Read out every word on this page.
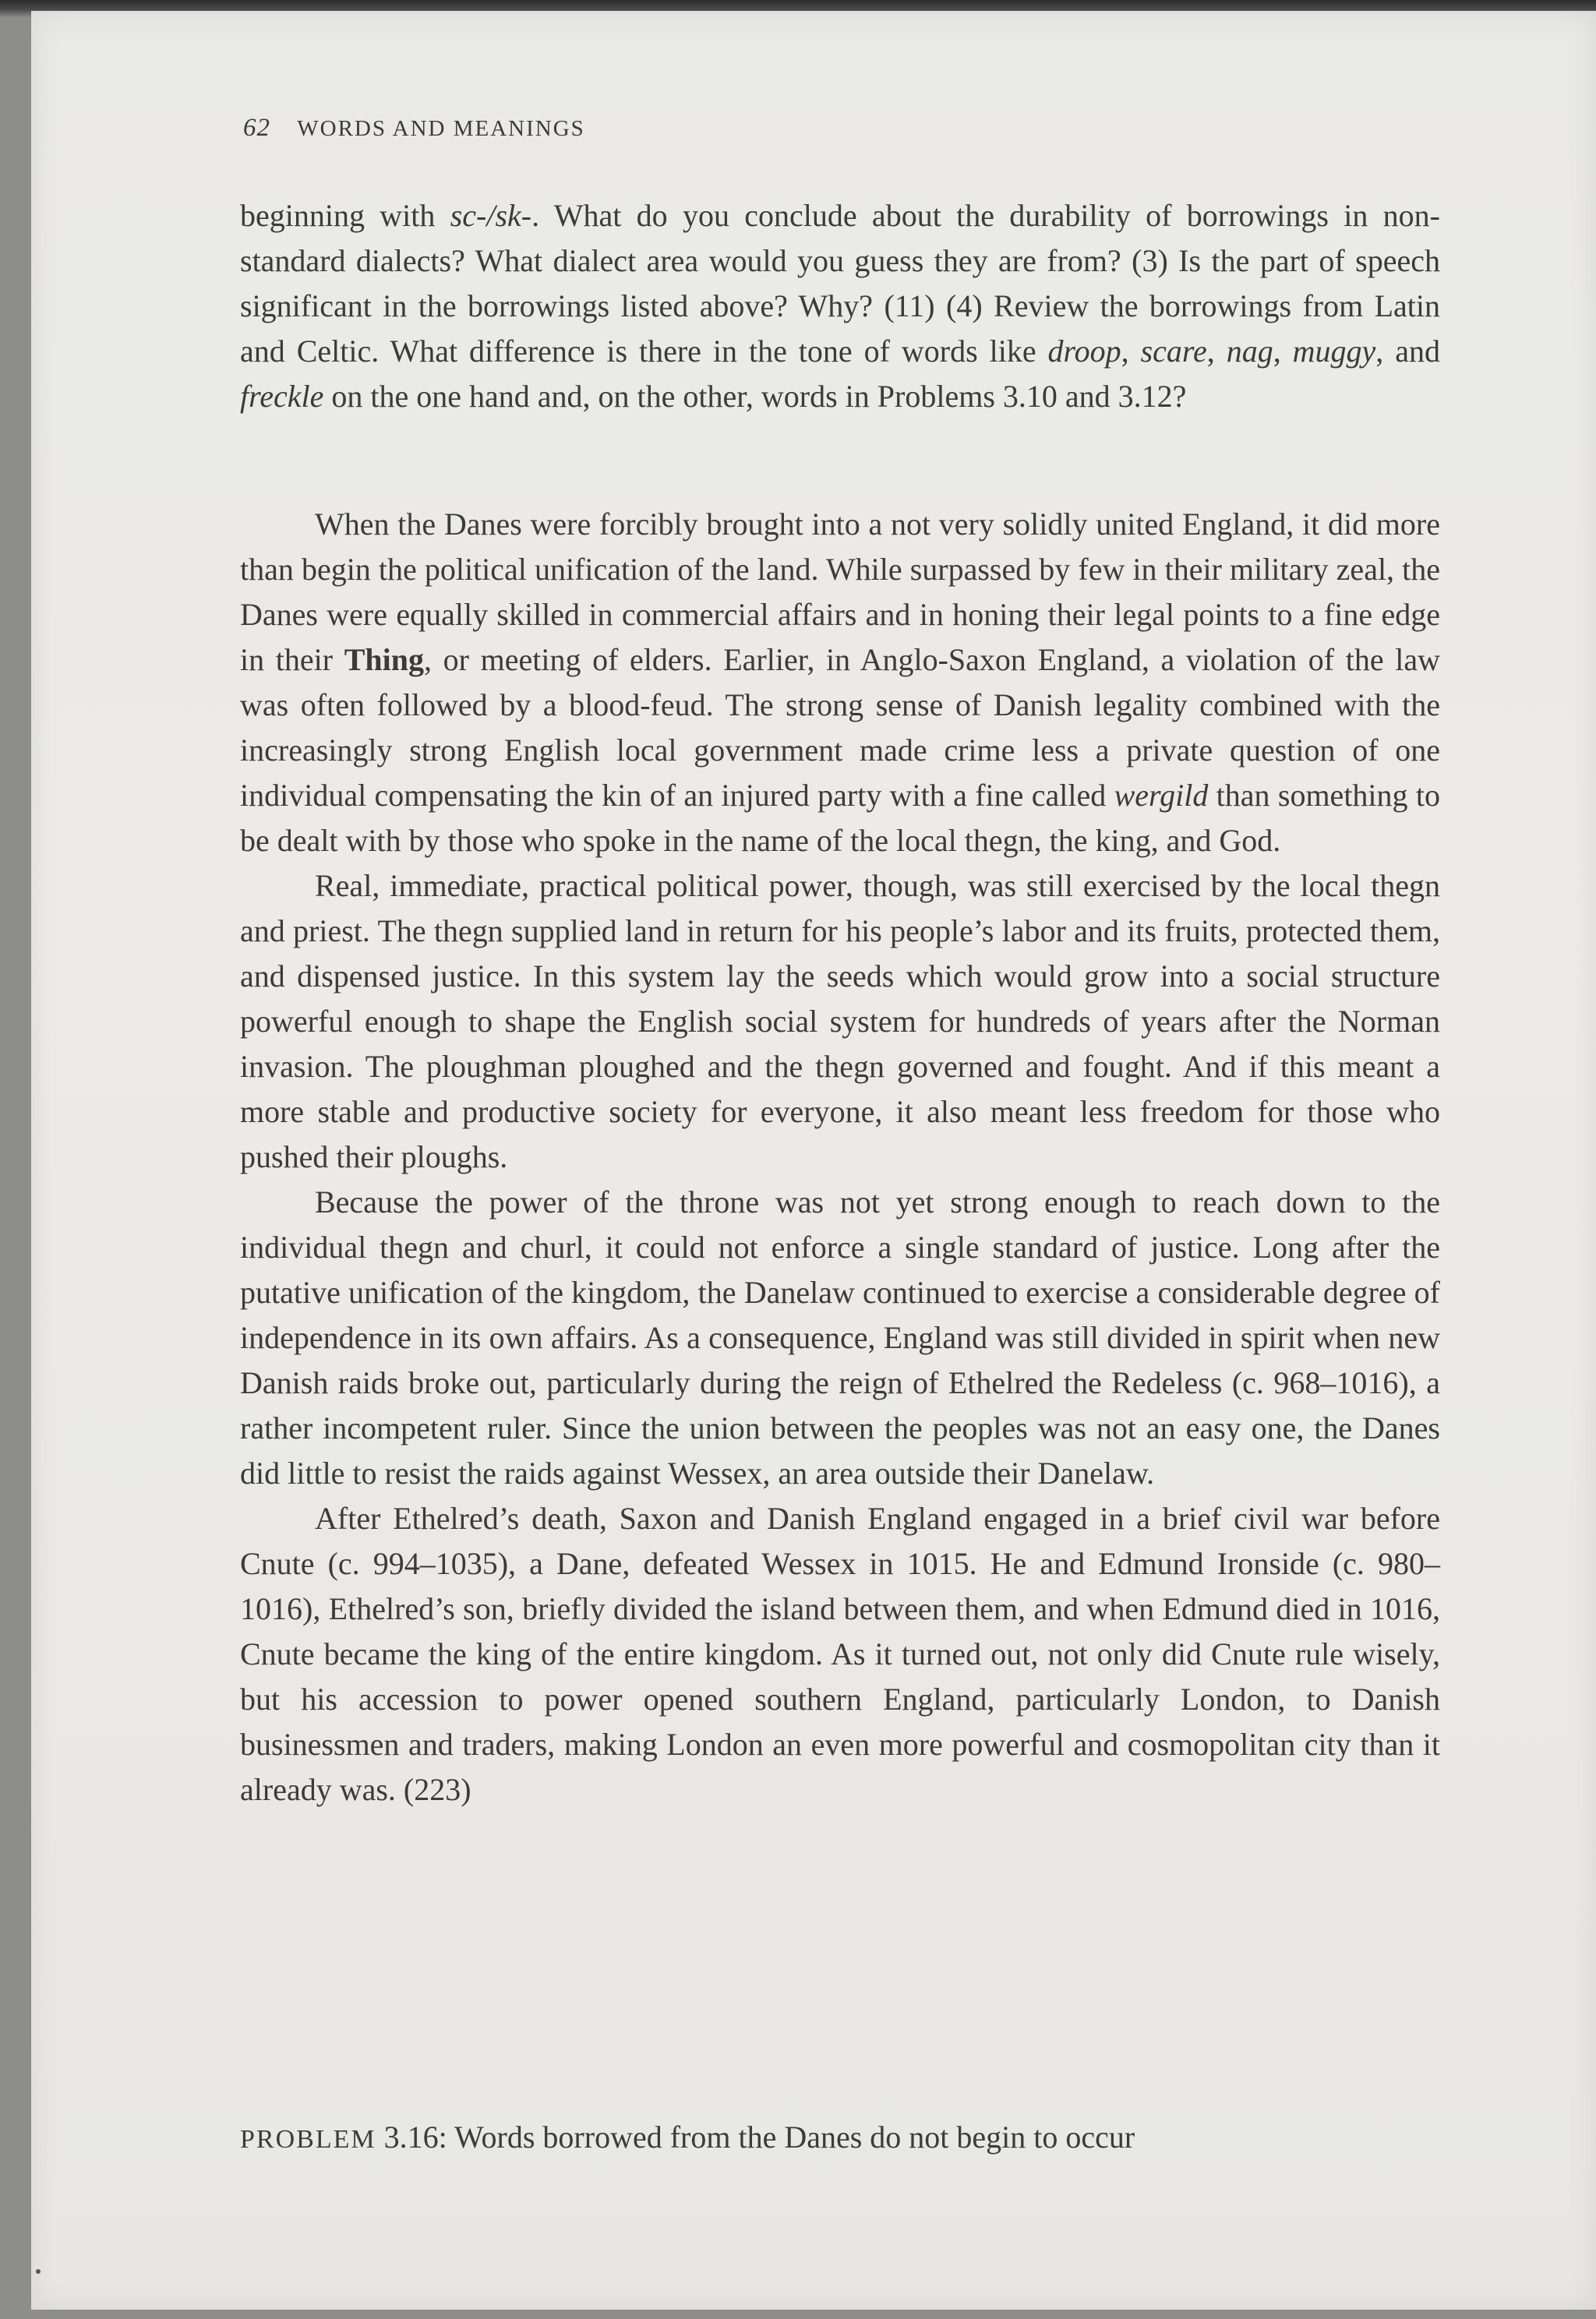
62 WORDS AND MEANINGS

beginning with sc-/sk-. What do you conclude about the durability of borrowings in non-standard dialects? What dialect area would you guess they are from? (3) Is the part of speech significant in the borrowings listed above? Why? (11) (4) Review the borrowings from Latin and Celtic. What difference is there in the tone of words like droop, scare, nag, muggy, and freckle on the one hand and, on the other, words in Problems 3.10 and 3.12?

When the Danes were forcibly brought into a not very solidly united England, it did more than begin the political unification of the land. While surpassed by few in their military zeal, the Danes were equally skilled in commercial affairs and in honing their legal points to a fine edge in their Thing, or meeting of elders. Earlier, in Anglo-Saxon England, a violation of the law was often followed by a blood-feud. The strong sense of Danish legality combined with the increasingly strong English local government made crime less a private question of one individual compensating the kin of an injured party with a fine called wergild than something to be dealt with by those who spoke in the name of the local thegn, the king, and God.

Real, immediate, practical political power, though, was still exercised by the local thegn and priest. The thegn supplied land in return for his people’s labor and its fruits, protected them, and dispensed justice. In this system lay the seeds which would grow into a social structure powerful enough to shape the English social system for hundreds of years after the Norman invasion. The ploughman ploughed and the thegn governed and fought. And if this meant a more stable and productive society for everyone, it also meant less freedom for those who pushed their ploughs.

Because the power of the throne was not yet strong enough to reach down to the individual thegn and churl, it could not enforce a single standard of justice. Long after the putative unification of the kingdom, the Danelaw continued to exercise a considerable degree of independence in its own affairs. As a consequence, England was still divided in spirit when new Danish raids broke out, particularly during the reign of Ethelred the Redeless (c. 968–1016), a rather incompetent ruler. Since the union between the peoples was not an easy one, the Danes did little to resist the raids against Wessex, an area outside their Danelaw.

After Ethelred’s death, Saxon and Danish England engaged in a brief civil war before Cnute (c. 994–1035), a Dane, defeated Wessex in 1015. He and Edmund Ironside (c. 980–1016), Ethelred’s son, briefly divided the island between them, and when Edmund died in 1016, Cnute became the king of the entire kingdom. As it turned out, not only did Cnute rule wisely, but his accession to power opened southern England, particularly London, to Danish businessmen and traders, making London an even more powerful and cosmopolitan city than it already was. (223)

PROBLEM 3.16: Words borrowed from the Danes do not begin to occur
